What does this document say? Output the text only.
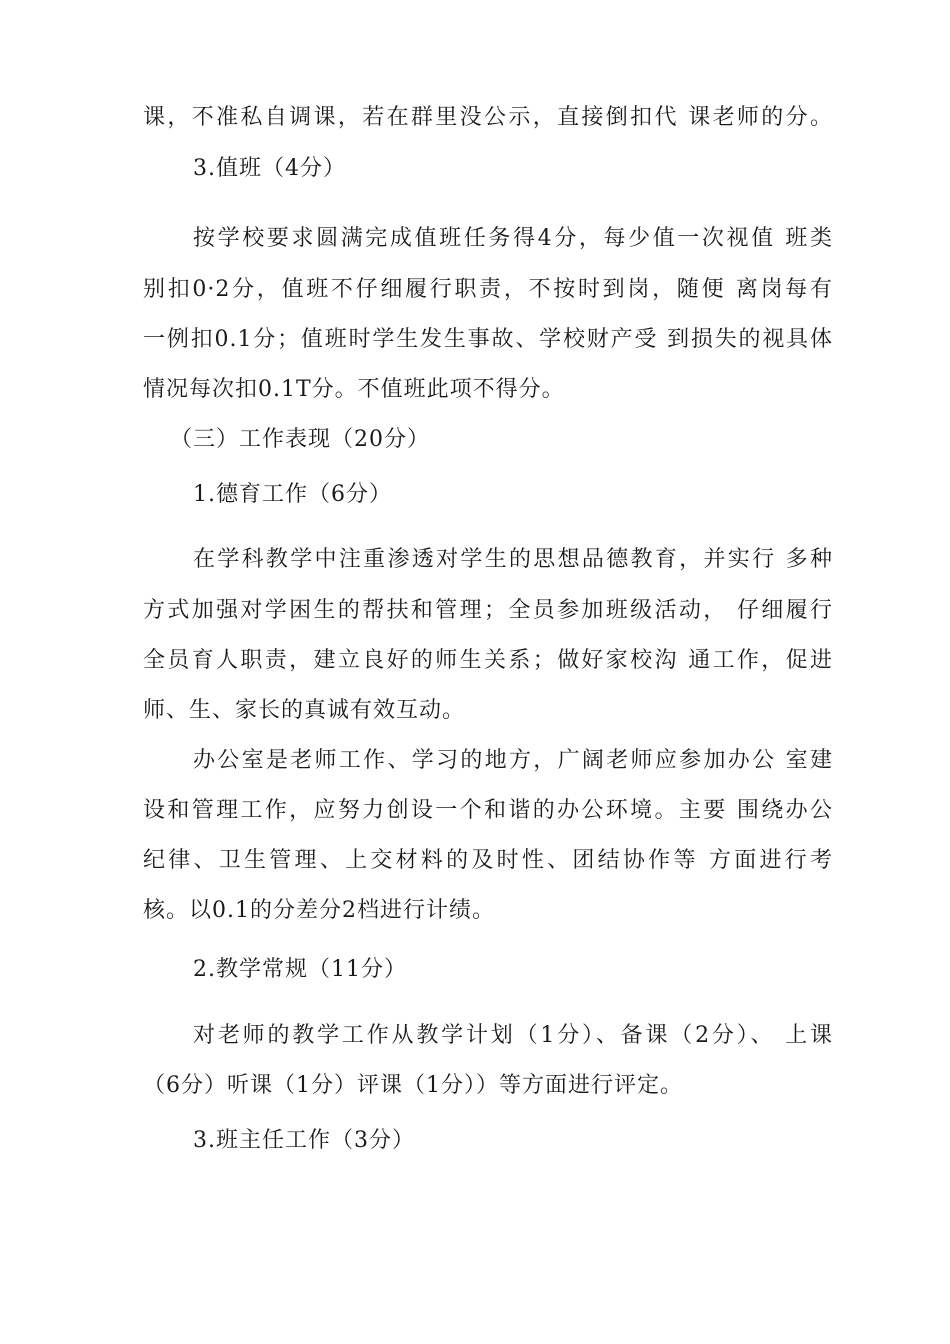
课，不准私自调课，若在群里没公示，直接倒扣代 课老师的分。
3.值班（4分）
按学校要求圆满完成值班任务得4分，每少值一次视值 班类
别扣0·2分，值班不仔细履行职责，不按时到岗，随便 离岗每有
一例扣0.1分；值班时学生发生事故、学校财产受 到损失的视具体
情况每次扣0.1T分。不值班此项不得分。
（三）工作表现（20分）
1.德育工作（6分）
在学科教学中注重渗透对学生的思想品德教育，并实行 多种
方式加强对学困生的帮扶和管理；全员参加班级活动， 仔细履行
全员育人职责，建立良好的师生关系；做好家校沟 通工作，促进
师、生、家长的真诚有效互动。
办公室是老师工作、学习的地方，广阔老师应参加办公 室建
设和管理工作，应努力创设一个和谐的办公环境。主要 围绕办公
纪律、卫生管理、上交材料的及时性、团结协作等 方面进行考
核。以0.1的分差分2档进行计绩。
2.教学常规（11分）
对老师的教学工作从教学计划（1分）、备课（2分）、 上课
（6分）听课（1分）评课（1分））等方面进行评定。
3.班主任工作（3分）
